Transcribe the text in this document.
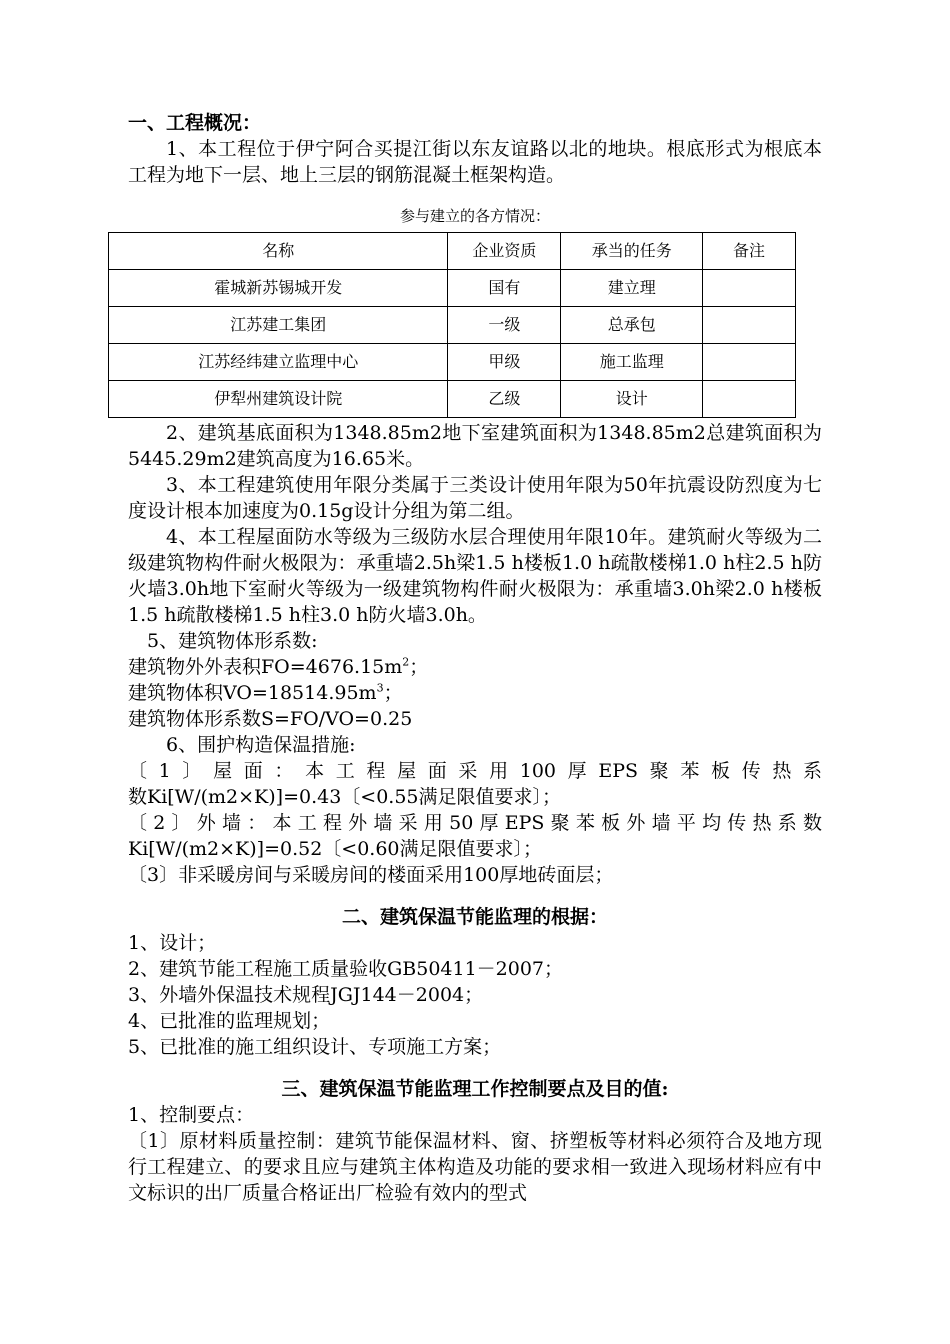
一、工程概况：

1、本工程位于伊宁阿合买提江街以东友谊路以北的地块。根底形式为根底本工程为地下一层、地上三层的钢筋混凝土框架构造。

参与建立的各方情况：

名称	企业资质	承当的任务	备注
霍城新苏锡城开发	国有	建立理	
江苏建工集团	一级	总承包	
江苏经纬建立监理中心	甲级	施工监理	
伊犁州建筑设计院	乙级	设计	

2、建筑基底面积为1348.85m2地下室建筑面积为1348.85m2总建筑面积为5445.29m2建筑高度为16.65米。

3、本工程建筑使用年限分类属于三类设计使用年限为50年抗震设防烈度为七度设计根本加速度为0.15g设计分组为第二组。

4、本工程屋面防水等级为三级防水层合理使用年限10年。建筑耐火等级为二级建筑物构件耐火极限为：承重墙2.5h梁1.5 h楼板1.0 h疏散楼梯1.0 h柱2.5 h防火墙3.0h地下室耐火等级为一级建筑物构件耐火极限为：承重墙3.0h梁2.0 h楼板1.5 h疏散楼梯1.5 h柱3.0 h防火墙3.0h。

5、建筑物体形系数:

建筑物外外表积$FO=4676.15m^2$；

建筑物体积$VO=18514.95m^3$；

建筑物体形系数S=FO/VO=0.25

6、围护构造保温措施:

〔1〕屋面：本工程屋面采用100厚EPS聚苯板传热系

数Ki[W/(m2×K)]=0.43〔<0.55满足限值要求〕；

〔2〕外墙：本工程外墙采用50厚EPS聚苯板外墙平均传热系数Ki[W/(m2×K)]=0.52〔<0.60满足限值要求〕；

〔3〕非采暖房间与采暖房间的楼面采用100厚地砖面层；

二、建筑保温节能监理的根据：

1、设计；

2、建筑节能工程施工质量验收GB50411－2007；

3、外墙外保温技术规程JGJ144－2004；

4、已批准的监理规划；

5、已批准的施工组织设计、专项施工方案；

三、建筑保温节能监理工作控制要点及目的值:

1、控制要点：

〔1〕原材料质量控制：建筑节能保温材料、窗、挤塑板等材料必须符合及地方现行工程建立、的要求且应与建筑主体构造及功能的要求相一致进入现场材料应有中文标识的出厂质量合格证出厂检验有效内的型式
